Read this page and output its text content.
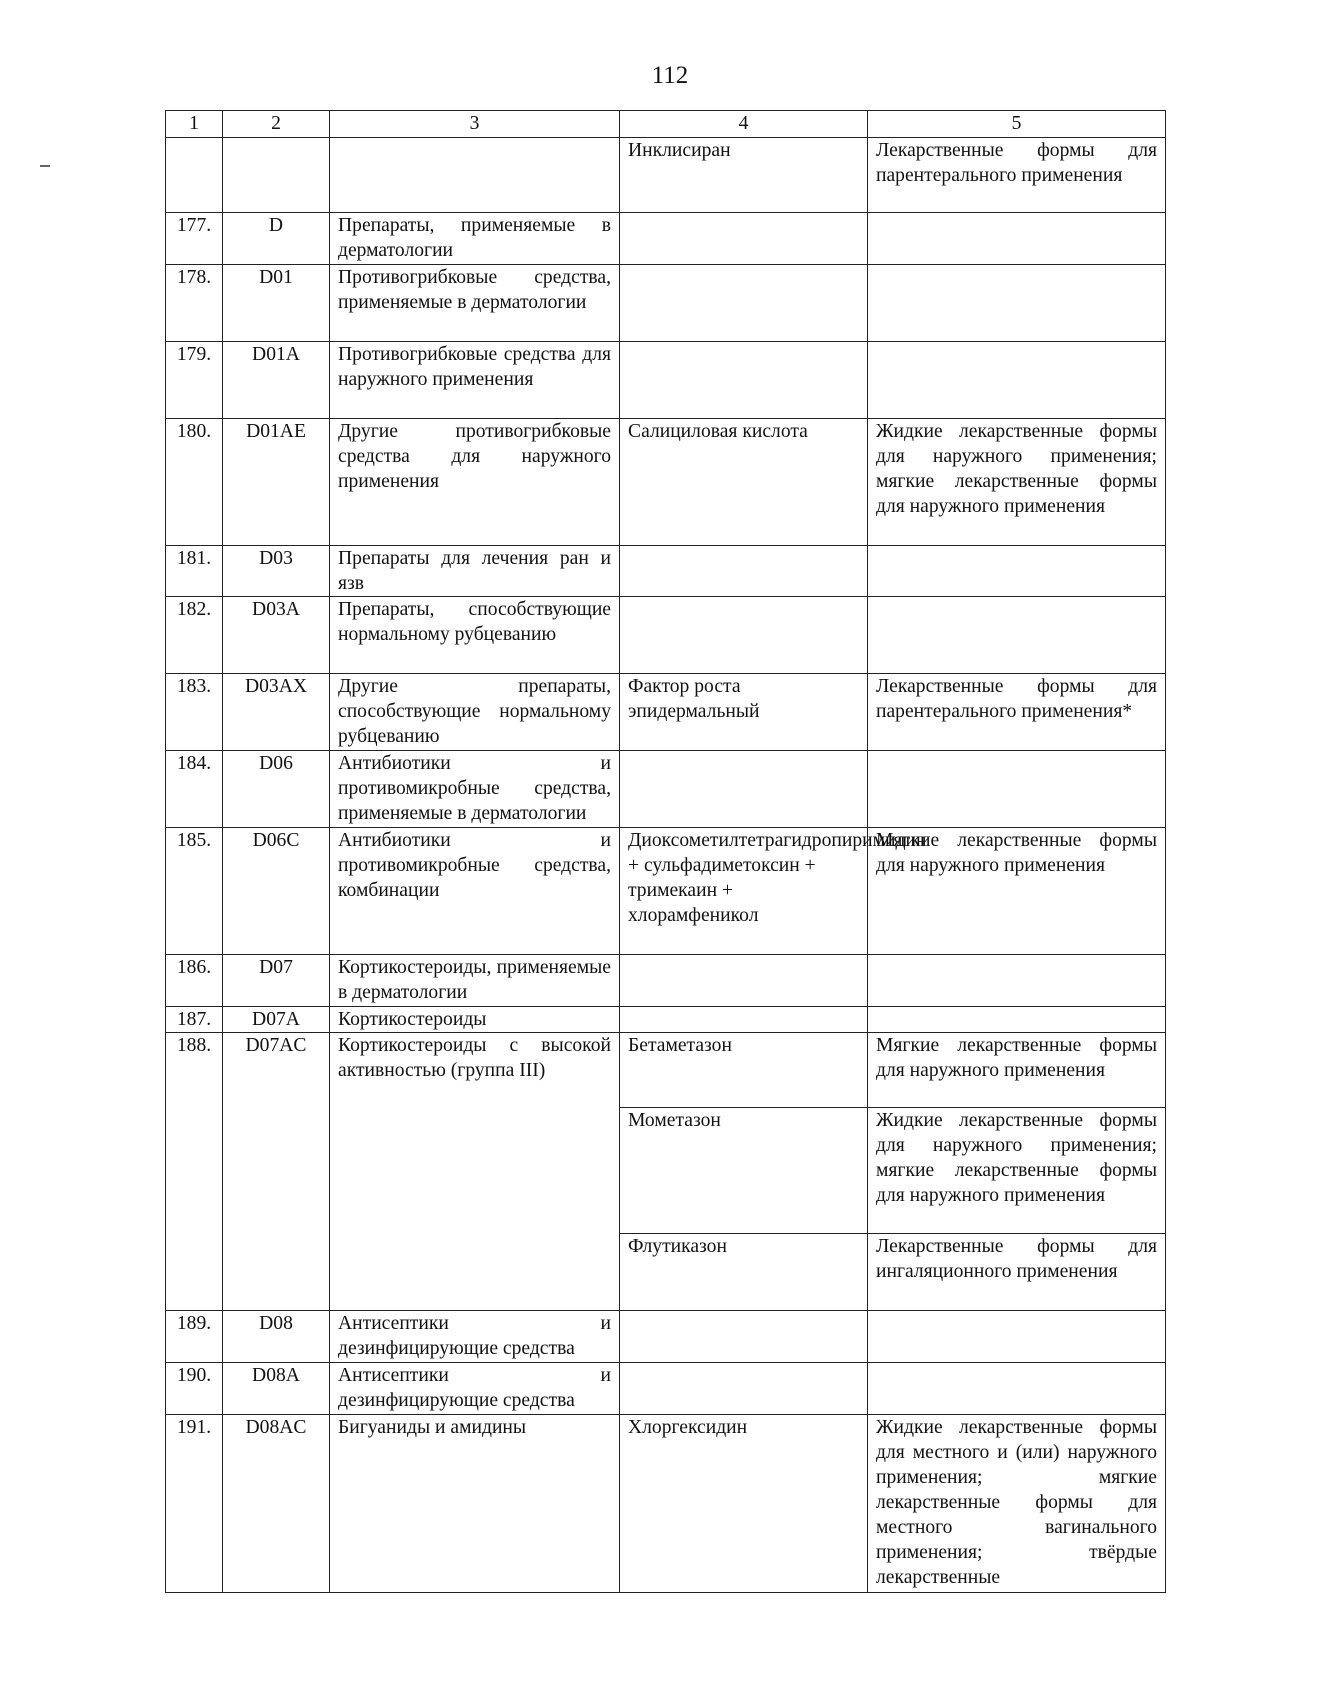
112
1	2	3	4	5
			Инклисиран	Лекарственные формы для парентерального применения
177.	D	Препараты, применяемые в дерматологии		
178.	D01	Противогрибковые средства, применяемые в дерматологии		
179.	D01A	Противогрибковые средства для наружного применения		
180.	D01AE	Другие противогрибковые средства для наружного применения	Салициловая кислота	Жидкие лекарственные формы для наружного применения; мягкие лекарственные формы для наружного применения
181.	D03	Препараты для лечения ран и язв		
182.	D03A	Препараты, способствующие нормальному рубцеванию		
183.	D03AX	Другие препараты, способствующие нормальному рубцеванию	Фактор роста эпидермальный	Лекарственные формы для парентерального применения*
184.	D06	Антибиотики и противомикробные средства, применяемые в дерматологии		
185.	D06C	Антибиотики и противомикробные средства, комбинации	Диоксометилтетрагидропиримидин + сульфадиметоксин + тримекаин + хлорамфеникол	Мягкие лекарственные формы для наружного применения
186.	D07	Кортикостероиды, применяемые в дерматологии		
187.	D07A	Кортикостероиды		
188.	D07AC	Кортикостероиды с высокой активностью (группа III)	Бетаметазон	Мягкие лекарственные формы для наружного применения
			Мометазон	Жидкие лекарственные формы для наружного применения; мягкие лекарственные формы для наружного применения
			Флутиказон	Лекарственные формы для ингаляционного применения
189.	D08	Антисептики и дезинфицирующие средства		
190.	D08A	Антисептики и дезинфицирующие средства		
191.	D08AC	Бигуаниды и амидины	Хлоргексидин	Жидкие лекарственные формы для местного и (или) наружного применения; мягкие лекарственные формы для местного вагинального применения; твёрдые лекарственные
